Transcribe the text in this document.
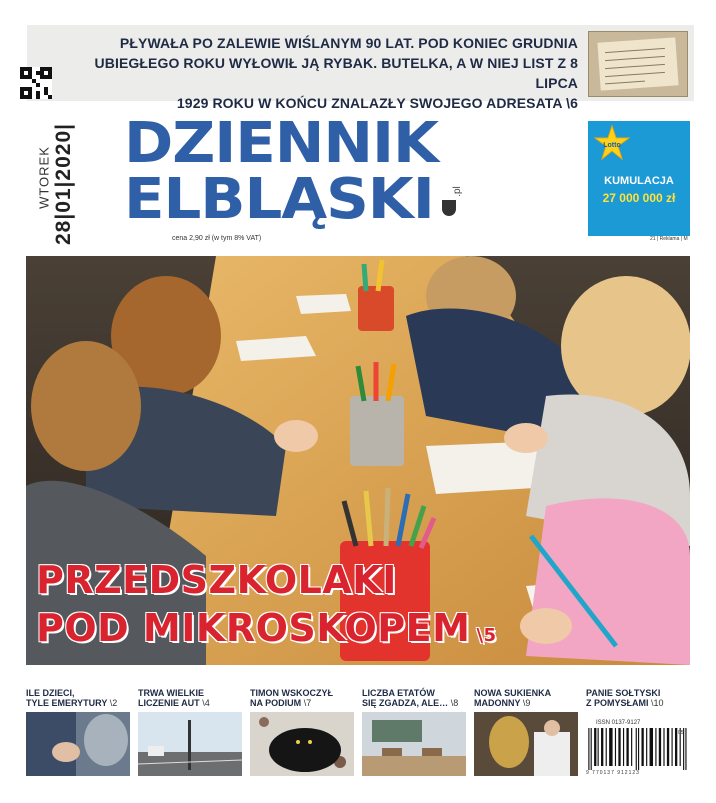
PŁYWAŁA PO ZALEWIE WIŚLANYM 90 LAT. POD KONIEC GRUDNIA
UBIEGŁEGO ROKU WYŁOWIŁ JĄ RYBAK. BUTELKA, A W NIEJ LIST Z 8 LIPCA
1929 ROKU W KOŃCU ZNALAZŁY SWOJEGO ADRESATA \6
WTOREK 28|01|2020| DZIENNIK
ELBLĄSKI	.pl
cena 2,90 zł (w tym 8% VAT)
Lotto
KUMULACJA
27 000 000 zł
21 | Reklama | M
PRZEDSZKOLAKI
POD MIKROSKOPEM \5
ILE DZIECI,
TYLE EMERYTURY \2
TRWA WIELKIE
LICZENIE AUT \4
TIMON WSKOCZYŁ
NA PODIUM \7
LICZBA ETATÓW
SIĘ ZGADZA, ALE… \8
NOWA SUKIENKA
MADONNY \9
PANIE SOŁTYSKI
Z POMYSŁAMI \10
ISSN 0137-9127
9 770137 912123
05
